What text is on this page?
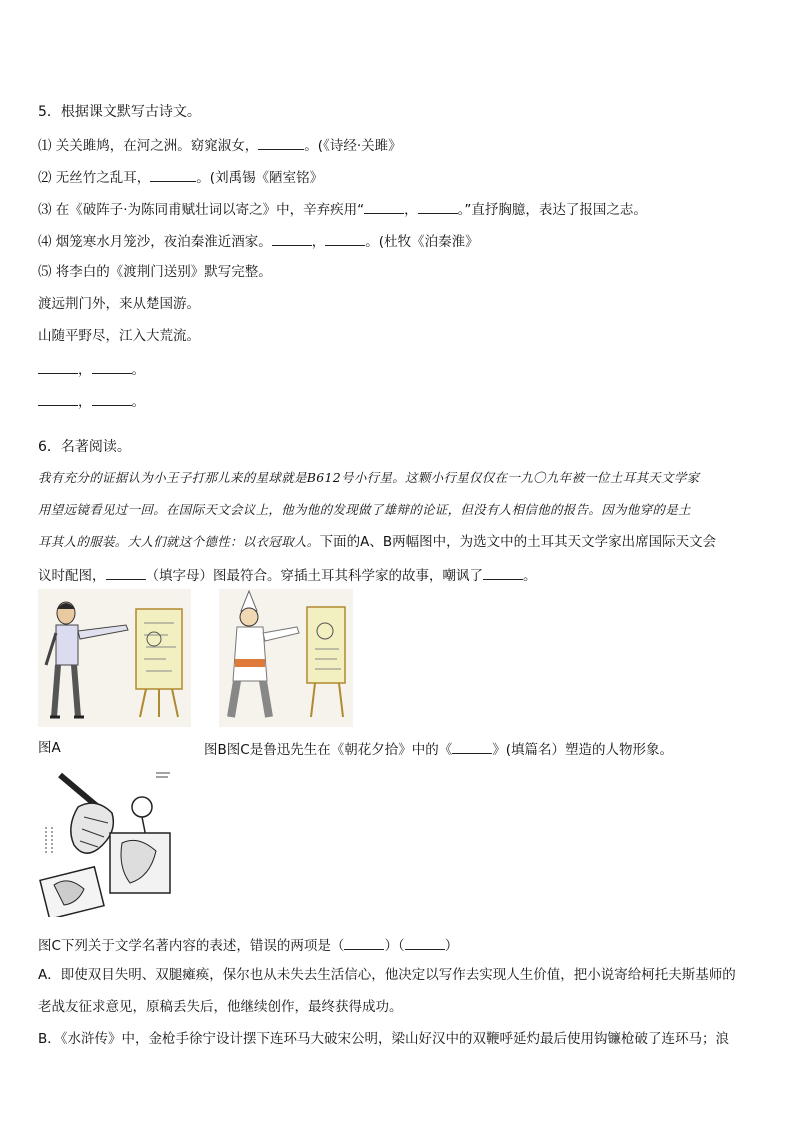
5．根据课文默写古诗文。
⑴ 关关雎鸠，在河之洲。窈窕淑女，	。(《诗经·关雎》
⑵ 无丝竹之乱耳，	。(刘禹锡《陋室铭》
⑶ 在《破阵子·为陈同甫赋壮词以寄之》中，辛弃疾用“	，	。”直抒胸臆，表达了报国之志。
⑷ 烟笼寒水月笼沙，夜泊秦淮近酒家。	，	。(杜牧《泊秦淮》
⑸ 将李白的《渡荆门送别》默写完整。
渡远荆门外，来从楚国游。
山随平野尽，江入大荒流。
，	。
，	。
6．名著阅读。
我有充分的证据认为小王子打那儿来的星球就是B612号小行星。这颗小行星仅仅在一九〇九年被一位土耳其天文学家
用望远镜看见过一回。在国际天文会议上，他为他的发现做了雄辩的论证，但没有人相信他的报告。因为他穿的是土
耳其人的服装。大人们就这个德性：以衣冠取人。下面的A、B两幅图中，为选文中的土耳其天文学家出席国际天文会
议时配图，	（填字母）图最符合。穿插土耳其科学家的故事，嘲讽了	。
图A	图B图C是鲁迅先生在《朝花夕拾》中的《	》(填篇名）塑造的人物形象。
图C下列关于文学名著内容的表述，错误的两项是（	）（	）
A．即使双目失明、双腿瘫痪，保尔也从未失去生活信心，他决定以写作去实现人生价值，把小说寄给柯托夫斯基师的
老战友征求意见，原稿丢失后，他继续创作，最终获得成功。
B．《水浒传》中，金枪手徐宁设计摆下连环马大破宋公明，梁山好汉中的双鞭呼延灼最后使用钩镰枪破了连环马；浪
